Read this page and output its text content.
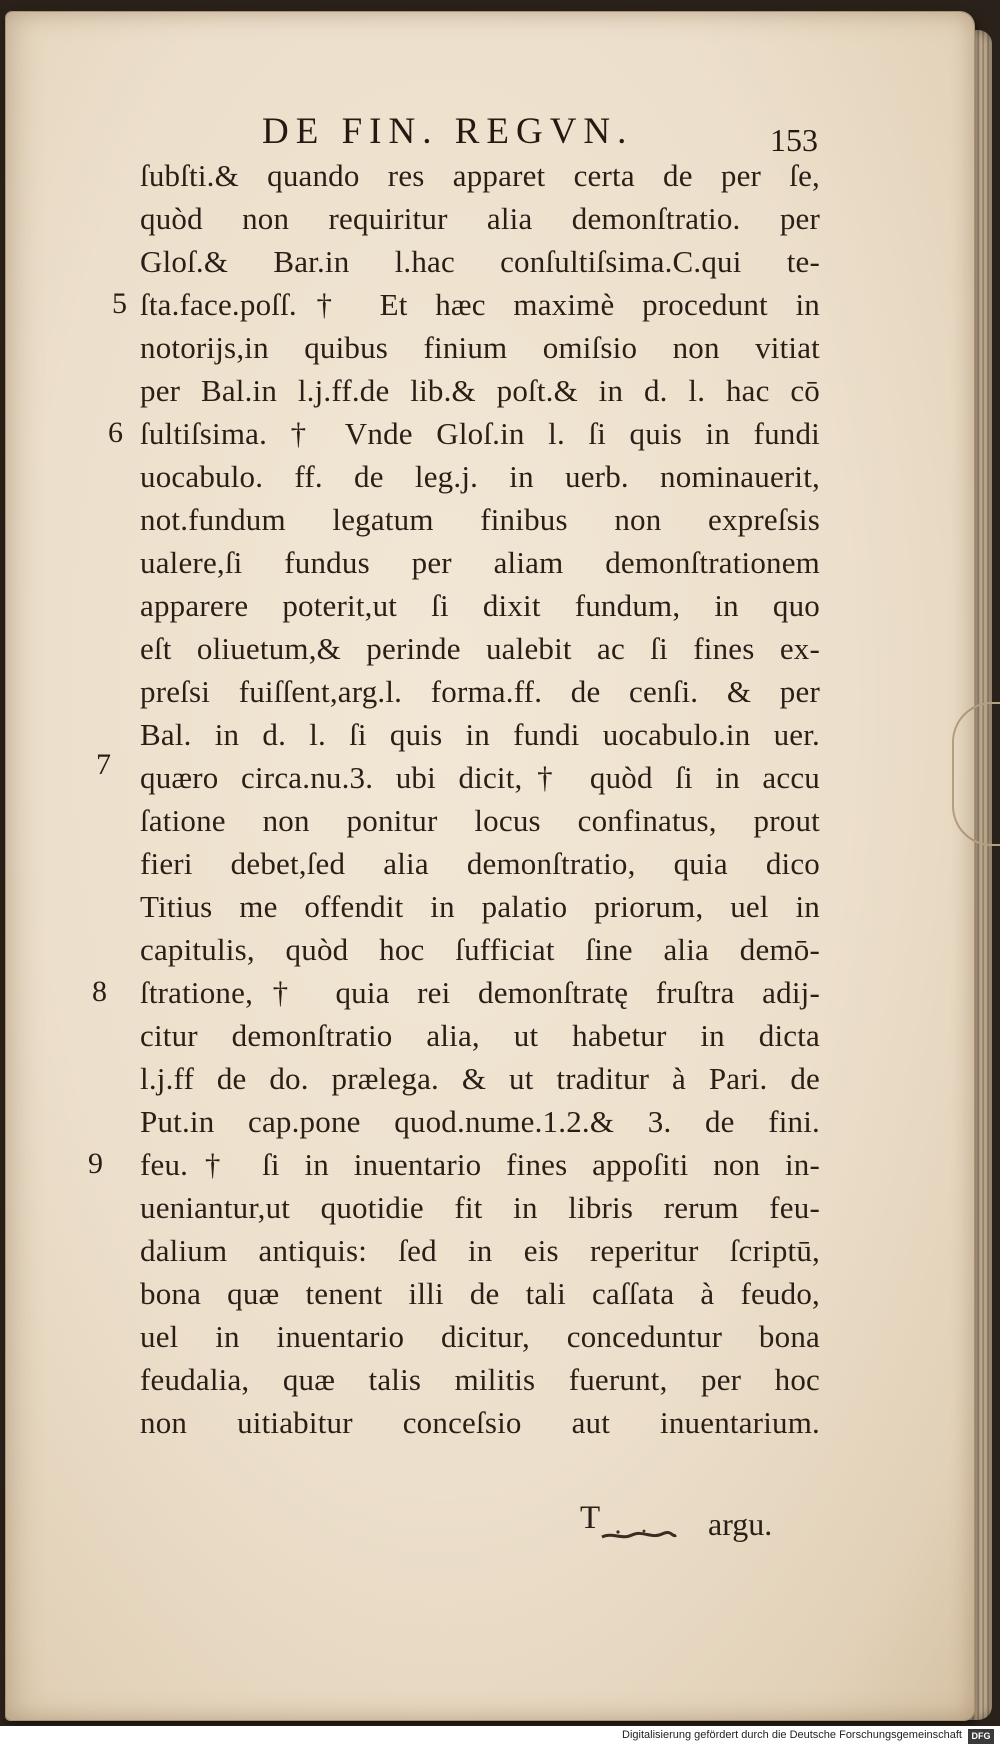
DE FIN. REGVN.	153
ſubſti.& quando res apparet certa de per ſe,
quòd non requiritur alia demonſtratio. per
Gloſ.& Bar.in l.hac conſultiſsima.C.qui te-
ſta.face.poſſ.† Et hæc maximè procedunt in
notorijs,in quibus finium omiſsio non vitiat
per Bal.in l.j.ff.de lib.& poſt.& in d. l. hac cō
ſultiſsima. † Vnde Gloſ.in l. ſi quis in fundi
uocabulo. ff. de leg.j. in uerb. nominauerit,
not.fundum legatum finibus non expreſsis
ualere,ſi fundus per aliam demonſtrationem
apparere poterit,ut ſi dixit fundum, in quo
eſt oliuetum,& perinde ualebit ac ſi fines ex-
preſsi fuiſſent,arg.l. forma.ff. de cenſi. & per
Bal. in d. l. ſi quis in fundi uocabulo.in uer.
quæro circa.nu.3. ubi dicit,† quòd ſi in accu
ſatione non ponitur locus confinatus, prout
fieri debet,ſed alia demonſtratio, quia dico
Titius me offendit in palatio priorum, uel in
capitulis, quòd hoc ſufficiat ſine alia demō-
ſtratione,† quia rei demonſtratę fruſtra adij-
citur demonſtratio alia, ut habetur in dicta
l.j.ff de do. prælega. & ut traditur à Pari. de
Put.in cap.pone quod.nume.1.2.& 3. de fini.
feu.† ſi in inuentario fines appoſiti non in-
ueniantur,ut quotidie fit in libris rerum feu-
dalium antiquis: ſed in eis reperitur ſcriptū,
bona quæ tenent illi de tali caſſata à feudo,
uel in inuentario dicitur, conceduntur bona
feudalia, quæ talis militis fuerunt, per hoc
non uitiabitur conceſsio aut inuentarium.
5
6
7
8
9
T	argu.
Digitalisierung gefördert durch die Deutsche Forschungsgemeinschaft	DFG
